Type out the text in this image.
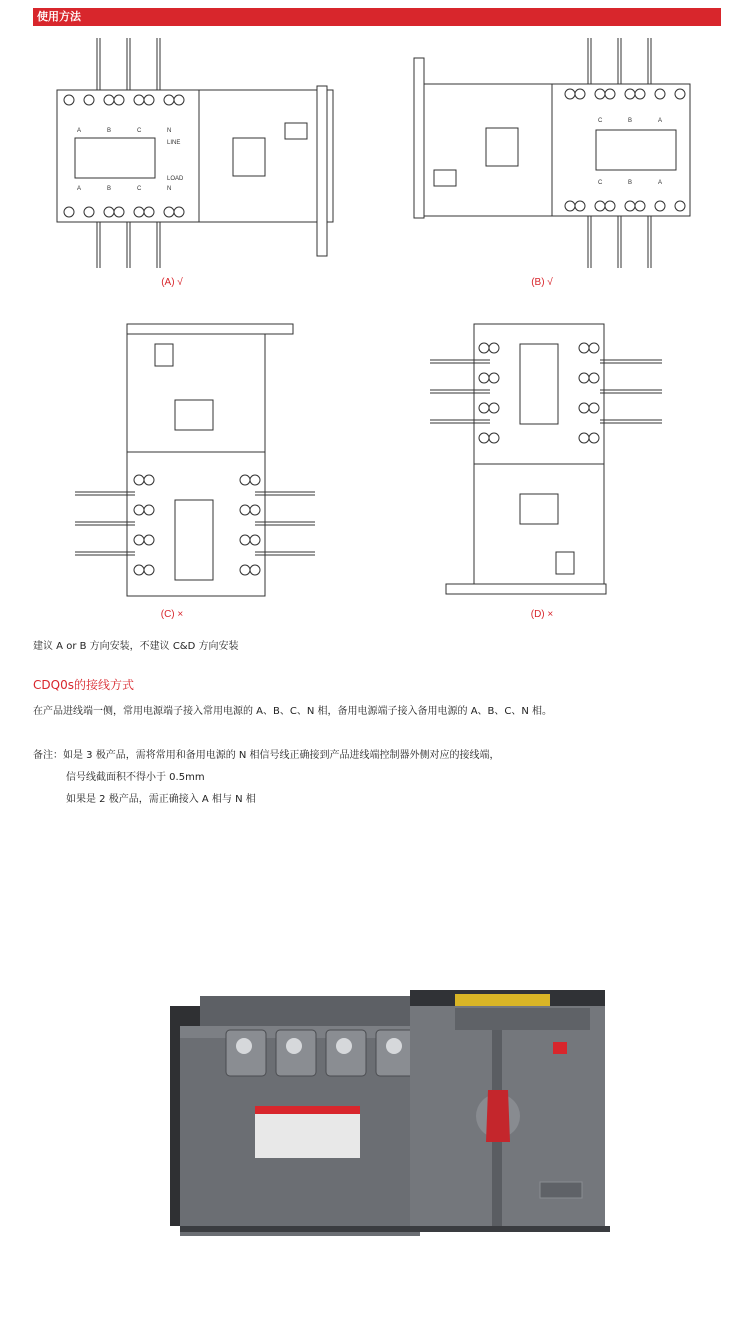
使用方法
A	B	C	N
A	B	C	N
LINE
LOAD
(A) √
C	B	A
C	B	A
(B) √
(C) ×	(D) ×
建议 A or B 方向安装，不建议 C&D 方向安装
CDQ0s的接线方式
在产品进线端一侧，常用电源端子接入常用电源的 A、B、C、N 相，备用电源端子接入备用电源的 A、B、C、N 相。
备注：如是 3 极产品，需将常用和备用电源的 N 相信号线正确接到产品进线端控制器外侧对应的接线端，
信号线截面积不得小于 0.5mm
如果是 2 极产品，需正确接入 A 相与 N 相
